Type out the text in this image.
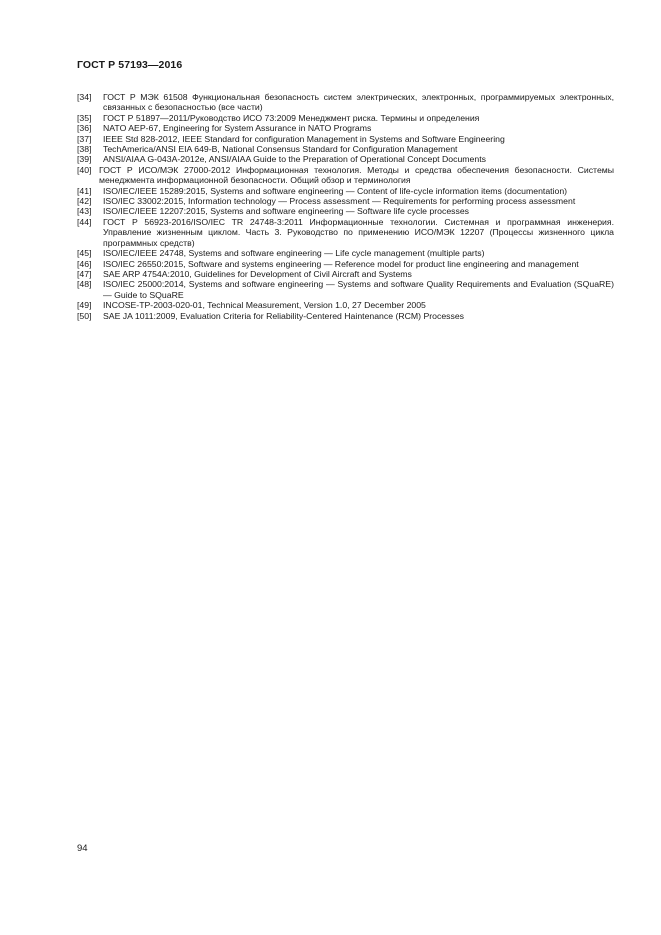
ГОСТ Р 57193—2016
[34]	ГОСТ Р МЭК 61508 Функциональная безопасность систем электрических, электронных, программируемых электронных, связанных с безопасностью (все части)
[35]	ГОСТ Р 51897—2011/Руководство ИСО 73:2009 Менеджмент риска. Термины и определения
[36]	NATO AEP-67, Engineering for System Assurance in NATO Programs
[37]	IEEE Std 828-2012, IEEE Standard for configuration Management in Systems and Software Engineering
[38]	TechAmerica/ANSI EIA 649-B, National Consensus Standard for Configuration Management
[39]	ANSI/AIAA G-043A-2012e, ANSI/AIAA Guide to the Preparation of Operational Concept Documents
[40] ГОСТ Р ИСО/МЭК 27000-2012 Информационная технология. Методы и средства обеспечения безопасности. Системы менеджмента информационной безопасности. Общий обзор и терминология
[41]	ISO/IEC/IEEE 15289:2015, Systems and software engineering — Content of life-cycle information items (documentation)
[42]	ISO/IEC 33002:2015, Information technology — Process assessment — Requirements for performing process assessment
[43]	ISO/IEC/IEEE 12207:2015, Systems and software engineering — Software life cycle processes
[44]	ГОСТ Р 56923-2016/ISO/IEC TR 24748-3:2011 Информационные технологии. Системная и программная инженерия. Управление жизненным циклом. Часть 3. Руководство по применению ИСО/МЭК 12207 (Процессы жизненного цикла программных средств)
[45]	ISO/IEC/IEEE 24748, Systems and software engineering — Life cycle management (multiple parts)
[46]	ISO/IEC 26550:2015, Software and systems engineering — Reference model for product line engineering and management
[47]	SAE ARP 4754A:2010, Guidelines for Development of Civil Aircraft and Systems
[48]	ISO/IEC 25000:2014, Systems and software engineering — Systems and software Quality Requirements and Evaluation (SQuaRE) — Guide to SQuaRE
[49]	INCOSE-TP-2003-020-01, Technical Measurement, Version 1.0, 27 December 2005
[50]	SAE JA 1011:2009, Evaluation Criteria for Reliability-Centered Haintenance (RCM) Processes
94
